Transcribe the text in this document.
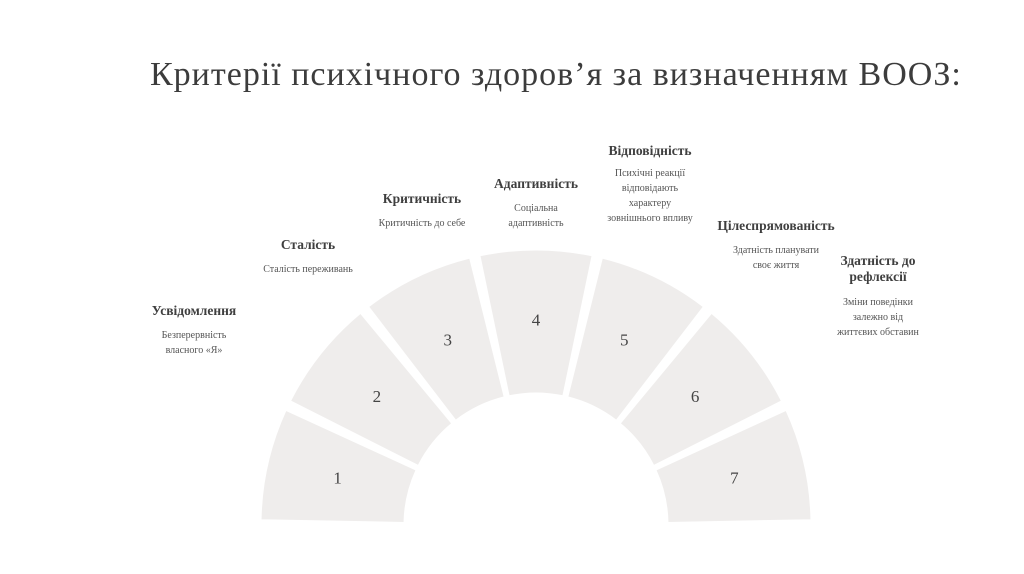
Критерії психічного здоров’я за визначенням ВООЗ:
1
2
3
4
5
6
7
Усвідомлення
Безперервність
власного «Я»
Сталість
Сталість переживань
Критичність
Критичність до себе
Адаптивність
Соціальна
адаптивність
Відповідність
Психічні реакції
відповідають
характеру
зовнішнього впливу Цілеспрямованість
Здатність планувати
своє життя	Здатність до
рефлексії
Зміни поведінки
залежно від
життєвих обставин
